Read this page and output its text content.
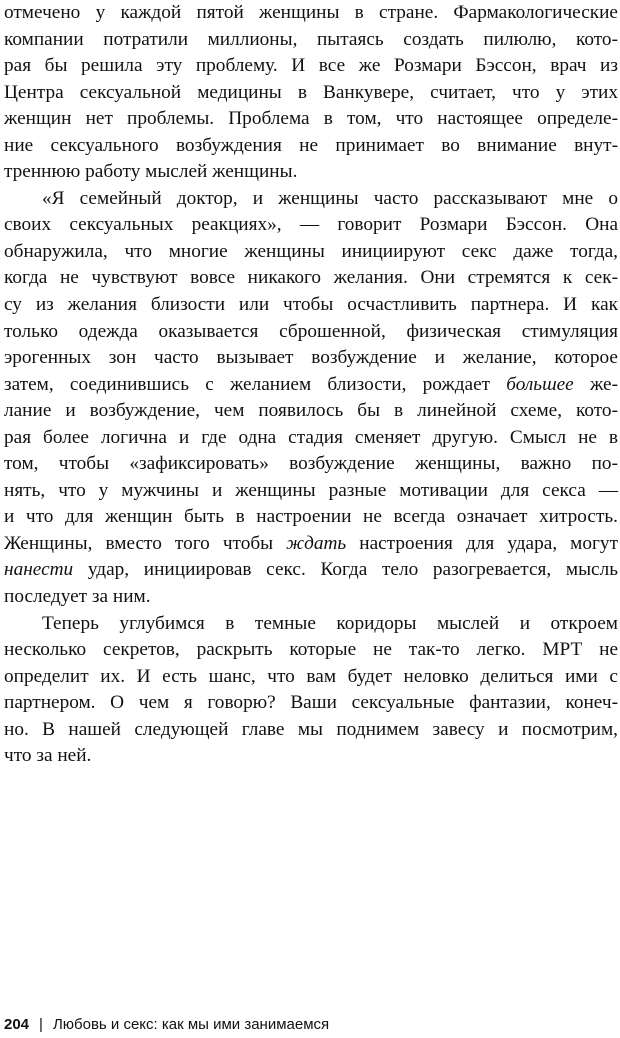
отмечено у каждой пятой женщины в стране. Фармакологические
компании потратили миллионы, пытаясь создать пилюлю, кото-
рая бы решила эту проблему. И все же Розмари Бэссон, врач из
Центра сексуальной медицины в Ванкувере, считает, что у этих
женщин нет проблемы. Проблема в том, что настоящее определе-
ние сексуального возбуждения не принимает во внимание внут-
треннюю работу мыслей женщины.
«Я семейный доктор, и женщины часто рассказывают мне о
своих сексуальных реакциях», — говорит Розмари Бэссон. Она
обнаружила, что многие женщины инициируют секс даже тогда,
когда не чувствуют вовсе никакого желания. Они стремятся к сек-
су из желания близости или чтобы осчастливить партнера. И как
только одежда оказывается сброшенной, физическая стимуляция
эрогенных зон часто вызывает возбуждение и желание, которое
затем, соединившись с желанием близости, рождает большее же-
лание и возбуждение, чем появилось бы в линейной схеме, кото-
рая более логична и где одна стадия сменяет другую. Смысл не в
том, чтобы «зафиксировать» возбуждение женщины, важно по-
нять, что у мужчины и женщины разные мотивации для секса —
и что для женщин быть в настроении не всегда означает хитрость.
Женщины, вместо того чтобы ждать настроения для удара, могут
нанести удар, инициировав секс. Когда тело разогревается, мысль
последует за ним.
Теперь углубимся в темные коридоры мыслей и откроем
несколько секретов, раскрыть которые не так-то легко. МРТ не
определит их. И есть шанс, что вам будет неловко делиться ими с
партнером. О чем я говорю? Ваши сексуальные фантазии, конеч-
но. В нашей следующей главе мы поднимем завесу и посмотрим,
что за ней.
204 | Любовь и секс: как мы ими занимаемся
